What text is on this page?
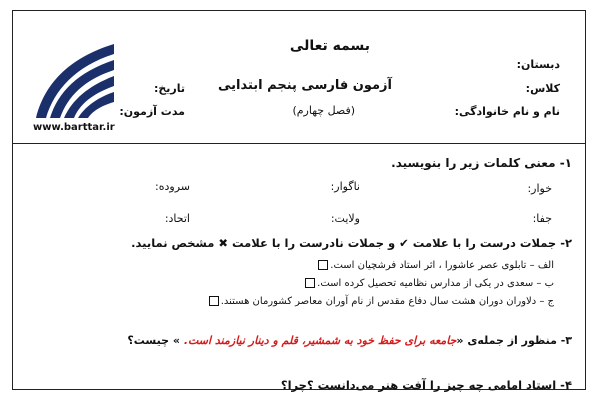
بسمه تعالی
دبستان:
کلاس:
نام و نام خانوادگی:
آزمون فارسی پنجم ابتدایی
(فصل چهارم)
تاریخ:
مدت آزمون:
www.barttar.ir
۱- معنی کلمات زیر را بنویسید.
خوار:
ناگوار:
سروده:
جفا:
ولایت:
اتحاد:
۲- جملات درست را با علامت ✔ و جملات نادرست را با علامت ✖ مشخص نمایید.
الف – تابلوی عصر عاشورا ، اثر استاد فرشچیان است.
ب – سعدی در یکی از مدارس نظامیه تحصیل کرده است.
ج – دلاوران دوران هشت سال دفاع مقدس از نام آوران معاصر کشورمان هستند.
۳- منظور از جمله‌ی «جامعه برای حفظ خود به شمشیر، قلم و دینار نیازمند است. » چیست؟
۴- استاد امامی چه چیز را آفت هنر می‌دانست ؟چرا؟
